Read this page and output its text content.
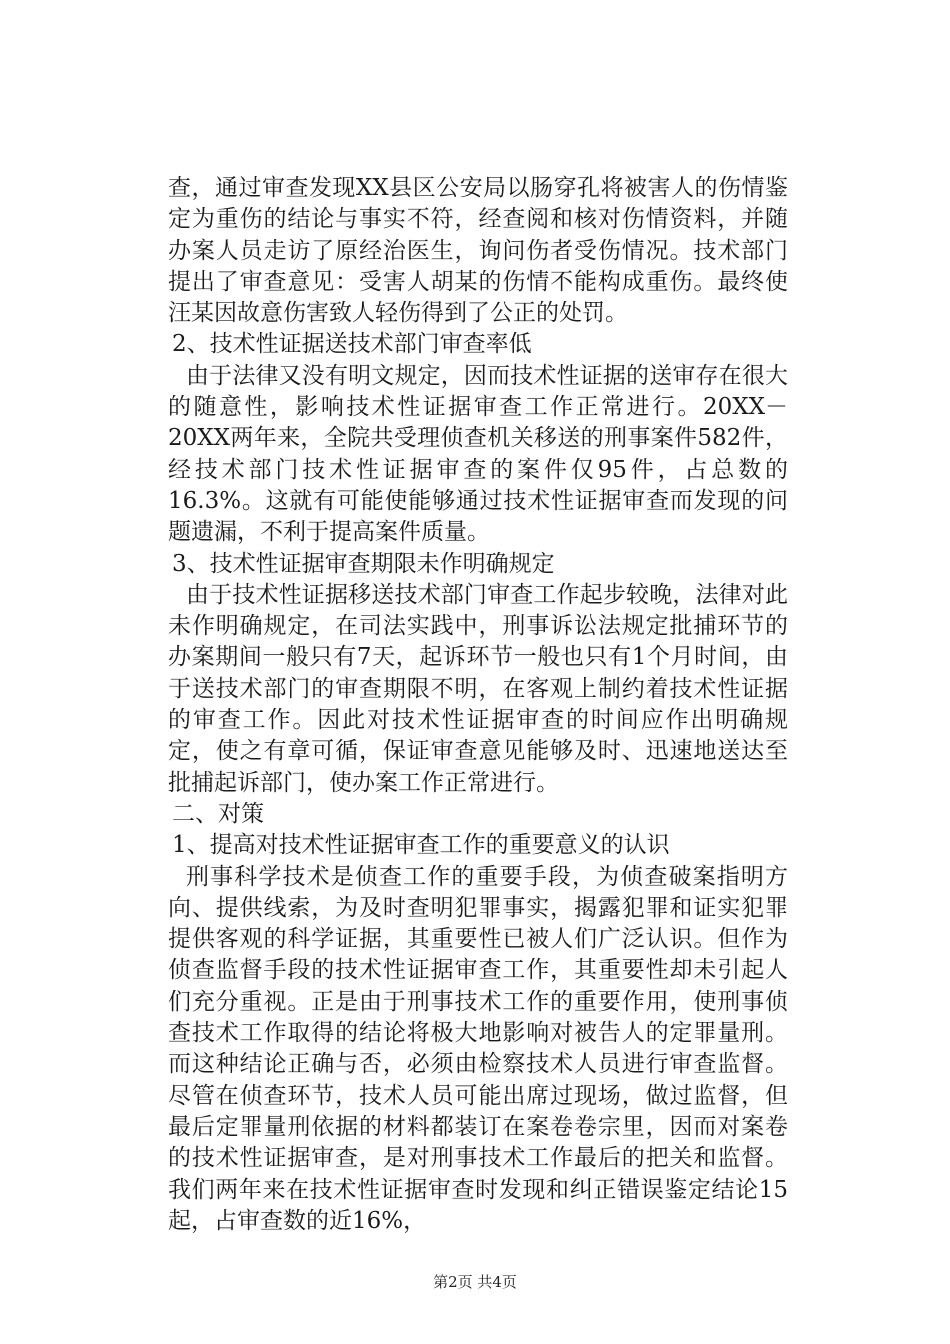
查，通过审查发现XX县区公安局以肠穿孔将被害人的伤情鉴定为重伤的结论与事实不符，经查阅和核对伤情资料，并随办案人员走访了原经治医生，询问伤者受伤情况。技术部门提出了审查意见：受害人胡某的伤情不能构成重伤。最终使汪某因故意伤害致人轻伤得到了公正的处罚。

2、技术性证据送技术部门审查率低

由于法律又没有明文规定，因而技术性证据的送审存在很大的随意性，影响技术性证据审查工作正常进行。20XX－20XX两年来，全院共受理侦查机关移送的刑事案件582件，经技术部门技术性证据审查的案件仅95件，占总数的16.3%。这就有可能使能够通过技术性证据审查而发现的问题遗漏，不利于提高案件质量。

3、技术性证据审查期限未作明确规定

由于技术性证据移送技术部门审查工作起步较晚，法律对此未作明确规定，在司法实践中，刑事诉讼法规定批捕环节的办案期间一般只有7天，起诉环节一般也只有1个月时间，由于送技术部门的审查期限不明，在客观上制约着技术性证据的审查工作。因此对技术性证据审查的时间应作出明确规定，使之有章可循，保证审查意见能够及时、迅速地送达至批捕起诉部门，使办案工作正常进行。

二、对策

1、提高对技术性证据审查工作的重要意义的认识

刑事科学技术是侦查工作的重要手段，为侦查破案指明方向、提供线索，为及时查明犯罪事实，揭露犯罪和证实犯罪提供客观的科学证据，其重要性已被人们广泛认识。但作为侦查监督手段的技术性证据审查工作，其重要性却未引起人们充分重视。正是由于刑事技术工作的重要作用，使刑事侦查技术工作取得的结论将极大地影响对被告人的定罪量刑。而这种结论正确与否，必须由检察技术人员进行审查监督。尽管在侦查环节，技术人员可能出席过现场，做过监督，但最后定罪量刑依据的材料都装订在案卷卷宗里，因而对案卷的技术性证据审查，是对刑事技术工作最后的把关和监督。我们两年来在技术性证据审查时发现和纠正错误鉴定结论15起，占审查数的近16%，

第2页 共4页
